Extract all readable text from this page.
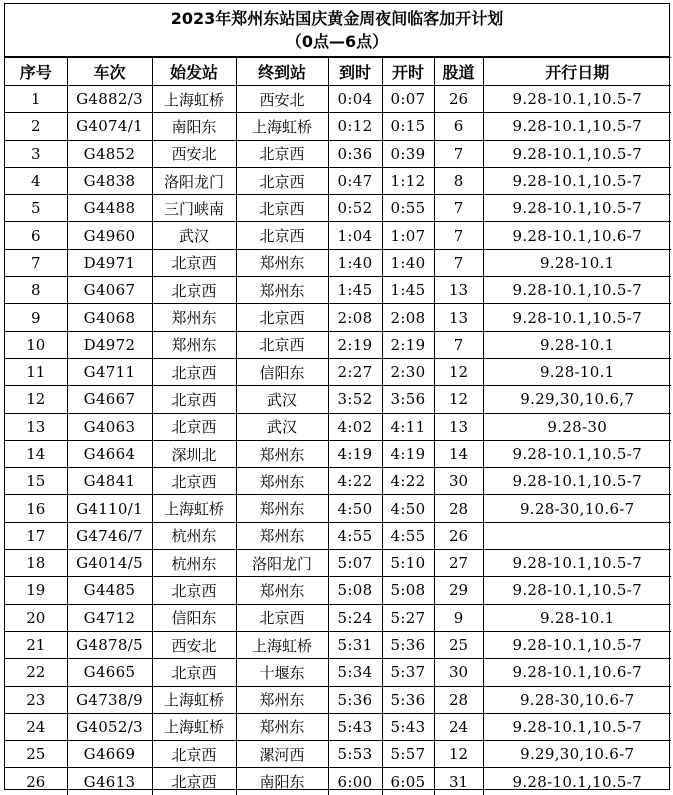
2023年郑州东站国庆黄金周夜间临客加开计划
（0点—6点）
序号	车次	始发站	终到站	到时	开时	股道	开行日期
1	G4882/3	上海虹桥	西安北	0:04	0:07	26	9.28-10.1,10.5-7
2	G4074/1	南阳东	上海虹桥	0:12	0:15	6	9.28-10.1,10.5-7
3	G4852	西安北	北京西	0:36	0:39	7	9.28-10.1,10.5-7
4	G4838	洛阳龙门	北京西	0:47	1:12	8	9.28-10.1,10.5-7
5	G4488	三门峡南	北京西	0:52	0:55	7	9.28-10.1,10.5-7
6	G4960	武汉	北京西	1:04	1:07	7	9.28-10.1,10.6-7
7	D4971	北京西	郑州东	1:40	1:40	7	9.28-10.1
8	G4067	北京西	郑州东	1:45	1:45	13	9.28-10.1,10.5-7
9	G4068	郑州东	北京西	2:08	2:08	13	9.28-10.1,10.5-7
10	D4972	郑州东	北京西	2:19	2:19	7	9.28-10.1
11	G4711	北京西	信阳东	2:27	2:30	12	9.28-10.1
12	G4667	北京西	武汉	3:52	3:56	12	9.29,30,10.6,7
13	G4063	北京西	武汉	4:02	4:11	13	9.28-30
14	G4664	深圳北	郑州东	4:19	4:19	14	9.28-10.1,10.5-7
15	G4841	北京西	郑州东	4:22	4:22	30	9.28-10.1,10.5-7
16	G4110/1	上海虹桥	郑州东	4:50	4:50	28	9.28-30,10.6-7
17	G4746/7	杭州东	郑州东	4:55	4:55	26	
18	G4014/5	杭州东	洛阳龙门	5:07	5:10	27	9.28-10.1,10.5-7
19	G4485	北京西	郑州东	5:08	5:08	29	9.28-10.1,10.5-7
20	G4712	信阳东	北京西	5:24	5:27	9	9.28-10.1
21	G4878/5	西安北	上海虹桥	5:31	5:36	25	9.28-10.1,10.5-7
22	G4665	北京西	十堰东	5:34	5:37	30	9.28-10.1,10.6-7
23	G4738/9	上海虹桥	郑州东	5:36	5:36	28	9.28-30,10.6-7
24	G4052/3	上海虹桥	郑州东	5:43	5:43	24	9.28-10.1,10.5-7
25	G4669	北京西	漯河西	5:53	5:57	12	9.29,30,10.6-7
26	G4613	北京西	南阳东	6:00	6:05	31	9.28-10.1,10.5-7
